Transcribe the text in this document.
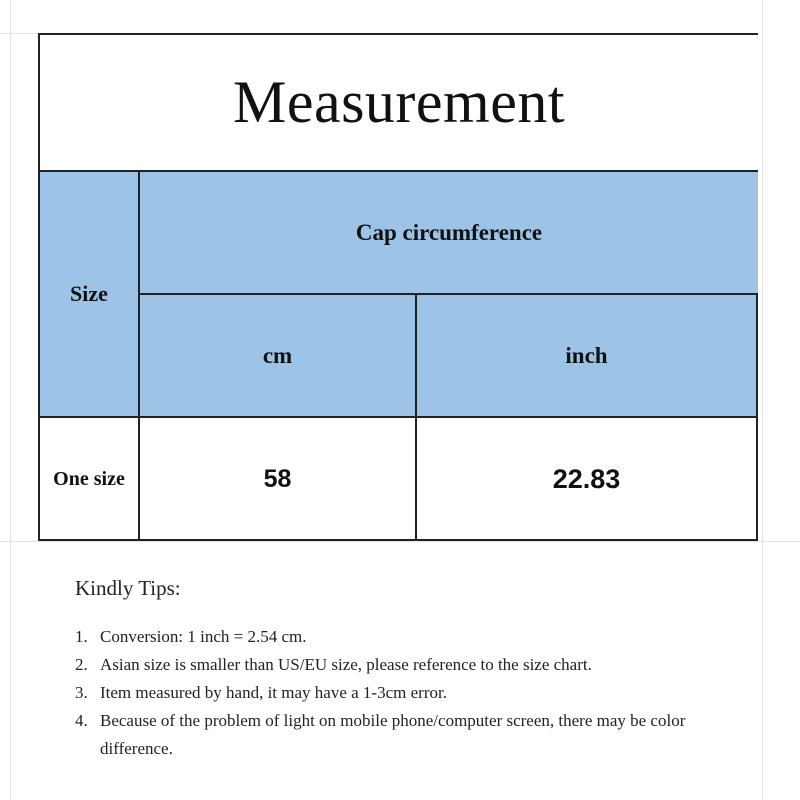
Measurement
Size
Cap circumference
cm	inch
One size	58	22.83
Kindly Tips:
1. Conversion: 1 inch = 2.54 cm.
2. Asian size is smaller than US/EU size, please reference to the size chart.
3. Item measured by hand, it may have a 1-3cm error.
4. Because of the problem of light on mobile phone/computer screen, there may be color difference.
